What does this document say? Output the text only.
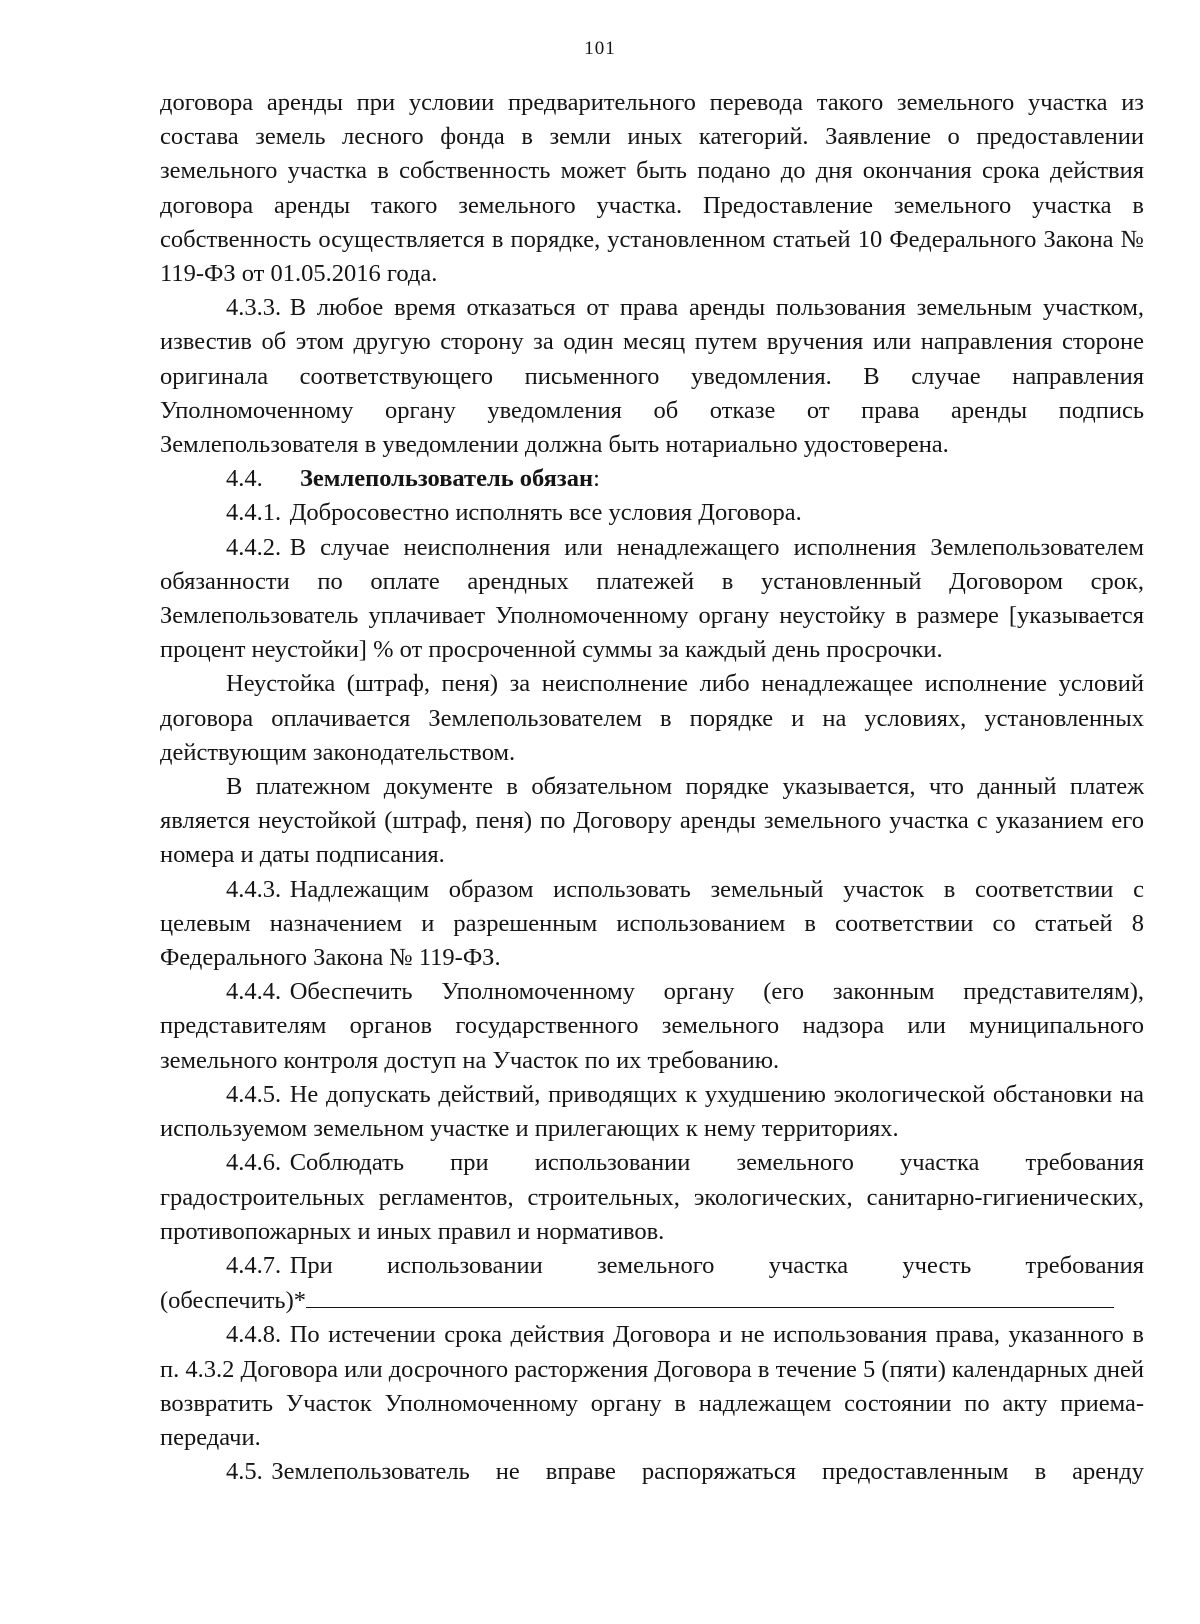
101

договора аренды при условии предварительного перевода такого земельного участка из состава земель лесного фонда в земли иных категорий. Заявление о предоставлении земельного участка в собственность может быть подано до дня окончания срока действия договора аренды такого земельного участка. Предоставление земельного участка в собственность осуществляется в порядке, установленном статьей 10 Федерального Закона № 119-ФЗ от 01.05.2016 года.

4.3.3. В любое время отказаться от права аренды пользования земельным участком, известив об этом другую сторону за один месяц путем вручения или направления стороне оригинала соответствующего письменного уведомления. В случае направления Уполномоченному органу уведомления об отказе от права аренды подпись Землепользователя в уведомлении должна быть нотариально удостоверена.

4.4. Землепользователь обязан:

4.4.1. Добросовестно исполнять все условия Договора.

4.4.2. В случае неисполнения или ненадлежащего исполнения Землепользователем обязанности по оплате арендных платежей в установленный Договором срок, Землепользователь уплачивает Уполномоченному органу неустойку в размере [указывается процент неустойки] % от просроченной суммы за каждый день просрочки.

Неустойка (штраф, пеня) за неисполнение либо ненадлежащее исполнение условий договора оплачивается Землепользователем в порядке и на условиях, установленных действующим законодательством.

В платежном документе в обязательном порядке указывается, что данный платеж является неустойкой (штраф, пеня) по Договору аренды земельного участка с указанием его номера и даты подписания.

4.4.3. Надлежащим образом использовать земельный участок в соответствии с целевым назначением и разрешенным использованием в соответствии со статьей 8 Федерального Закона № 119-ФЗ.

4.4.4. Обеспечить Уполномоченному органу (его законным представителям), представителям органов государственного земельного надзора или муниципального земельного контроля доступ на Участок по их требованию.

4.4.5. Не допускать действий, приводящих к ухудшению экологической обстановки на используемом земельном участке и прилегающих к нему территориях.

4.4.6. Соблюдать при использовании земельного участка требования градостроительных регламентов, строительных, экологических, санитарно-гигиенических, противопожарных и иных правил и нормативов.

4.4.7. При использовании земельного участка учесть требования

(обеспечить)*

4.4.8. По истечении срока действия Договора и не использования права, указанного в п. 4.3.2 Договора или досрочного расторжения Договора в течение 5 (пяти) календарных дней возвратить Участок Уполномоченному органу в надлежащем состоянии по акту приема-передачи.

4.5. Землепользователь не вправе распоряжаться предоставленным в аренду
